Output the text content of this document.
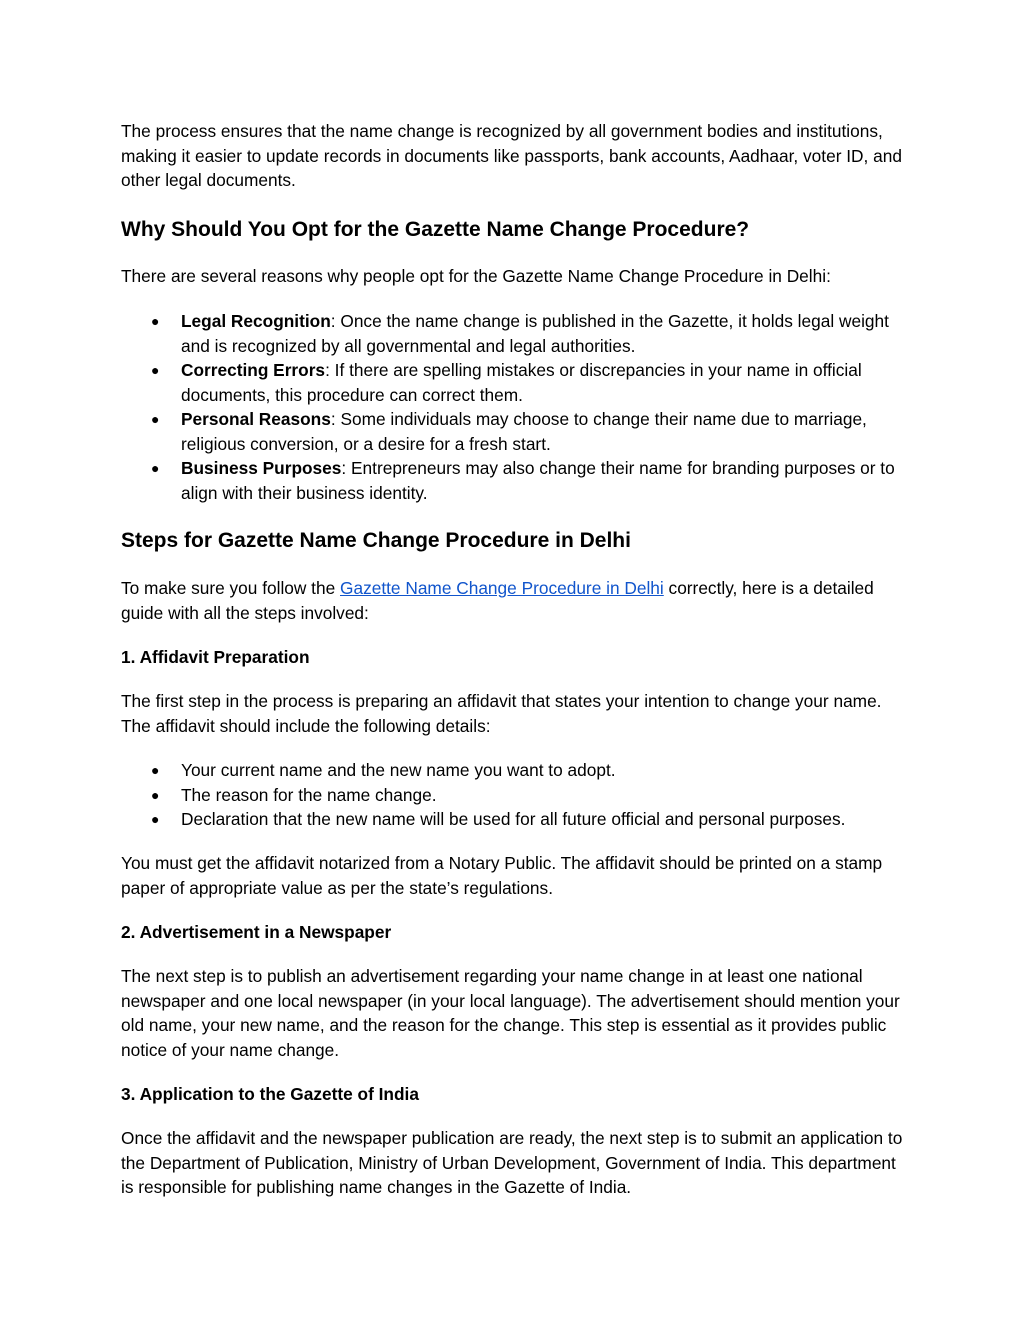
The process ensures that the name change is recognized by all government bodies and institutions, making it easier to update records in documents like passports, bank accounts, Aadhaar, voter ID, and other legal documents.

Why Should You Opt for the Gazette Name Change Procedure?

There are several reasons why people opt for the Gazette Name Change Procedure in Delhi:

● Legal Recognition: Once the name change is published in the Gazette, it holds legal weight and is recognized by all governmental and legal authorities.
● Correcting Errors: If there are spelling mistakes or discrepancies in your name in official documents, this procedure can correct them.
● Personal Reasons: Some individuals may choose to change their name due to marriage, religious conversion, or a desire for a fresh start.
● Business Purposes: Entrepreneurs may also change their name for branding purposes or to align with their business identity.
Steps for Gazette Name Change Procedure in Delhi

To make sure you follow the Gazette Name Change Procedure in Delhi correctly, here is a detailed guide with all the steps involved:

1. Affidavit Preparation

The first step in the process is preparing an affidavit that states your intention to change your name. The affidavit should include the following details:

● Your current name and the new name you want to adopt.
● The reason for the name change.
● Declaration that the new name will be used for all future official and personal purposes.

You must get the affidavit notarized from a Notary Public. The affidavit should be printed on a stamp paper of appropriate value as per the state’s regulations.

2. Advertisement in a Newspaper

The next step is to publish an advertisement regarding your name change in at least one national newspaper and one local newspaper (in your local language). The advertisement should mention your old name, your new name, and the reason for the change. This step is essential as it provides public notice of your name change.

3. Application to the Gazette of India

Once the affidavit and the newspaper publication are ready, the next step is to submit an application to the Department of Publication, Ministry of Urban Development, Government of India. This department is responsible for publishing name changes in the Gazette of India.
